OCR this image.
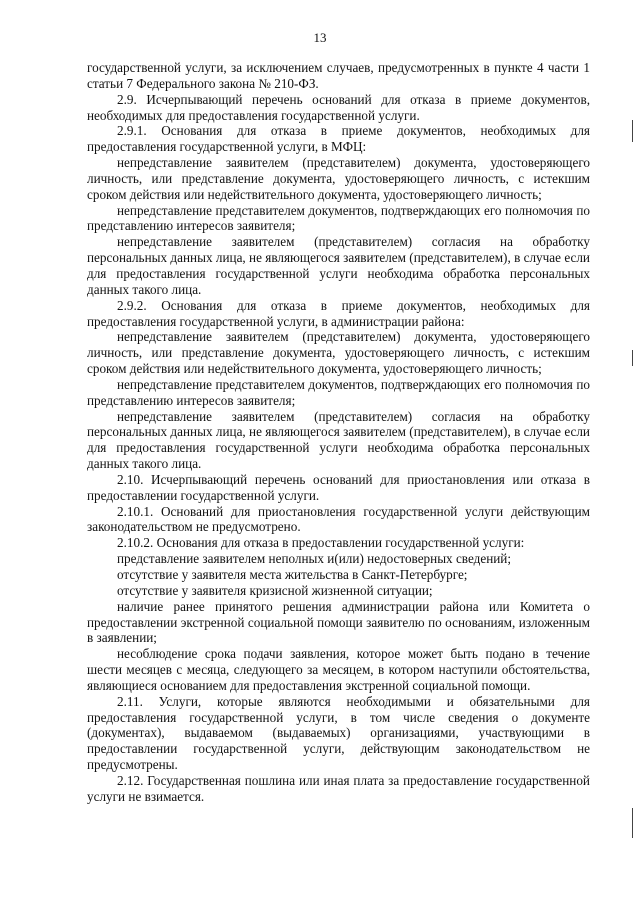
13

государственной услуги, за исключением случаев, предусмотренных в пункте 4 части 1 статьи 7 Федерального закона № 210-ФЗ.

2.9. Исчерпывающий перечень оснований для отказа в приеме документов, необходимых для предоставления государственной услуги.

2.9.1. Основания для отказа в приеме документов, необходимых для предоставления государственной услуги, в МФЦ:

непредставление заявителем (представителем) документа, удостоверяющего личность, или представление документа, удостоверяющего личность, с истекшим сроком действия или недействительного документа, удостоверяющего личность;

непредставление представителем документов, подтверждающих его полномочия по представлению интересов заявителя;

непредставление заявителем (представителем) согласия на обработку персональных данных лица, не являющегося заявителем (представителем), в случае если для предоставления государственной услуги необходима обработка персональных данных такого лица.

2.9.2. Основания для отказа в приеме документов, необходимых для предоставления государственной услуги, в администрации района:

непредставление заявителем (представителем) документа, удостоверяющего личность, или представление документа, удостоверяющего личность, с истекшим сроком действия или недействительного документа, удостоверяющего личность;

непредставление представителем документов, подтверждающих его полномочия по представлению интересов заявителя;

непредставление заявителем (представителем) согласия на обработку персональных данных лица, не являющегося заявителем (представителем), в случае если для предоставления государственной услуги необходима обработка персональных данных такого лица.

2.10. Исчерпывающий перечень оснований для приостановления или отказа в предоставлении государственной услуги.

2.10.1. Оснований для приостановления государственной услуги действующим законодательством не предусмотрено.

2.10.2. Основания для отказа в предоставлении государственной услуги:

представление заявителем неполных и(или) недостоверных сведений;

отсутствие у заявителя места жительства в Санкт-Петербурге;

отсутствие у заявителя кризисной жизненной ситуации;

наличие ранее принятого решения администрации района или Комитета о предоставлении экстренной социальной помощи заявителю по основаниям, изложенным в заявлении;

несоблюдение срока подачи заявления, которое может быть подано в течение шести месяцев с месяца, следующего за месяцем, в котором наступили обстоятельства, являющиеся основанием для предоставления экстренной социальной помощи.

2.11. Услуги, которые являются необходимыми и обязательными для предоставления государственной услуги, в том числе сведения о документе (документах), выдаваемом (выдаваемых) организациями, участвующими в предоставлении государственной услуги, действующим законодательством не предусмотрены.

2.12. Государственная пошлина или иная плата за предоставление государственной услуги не взимается.
